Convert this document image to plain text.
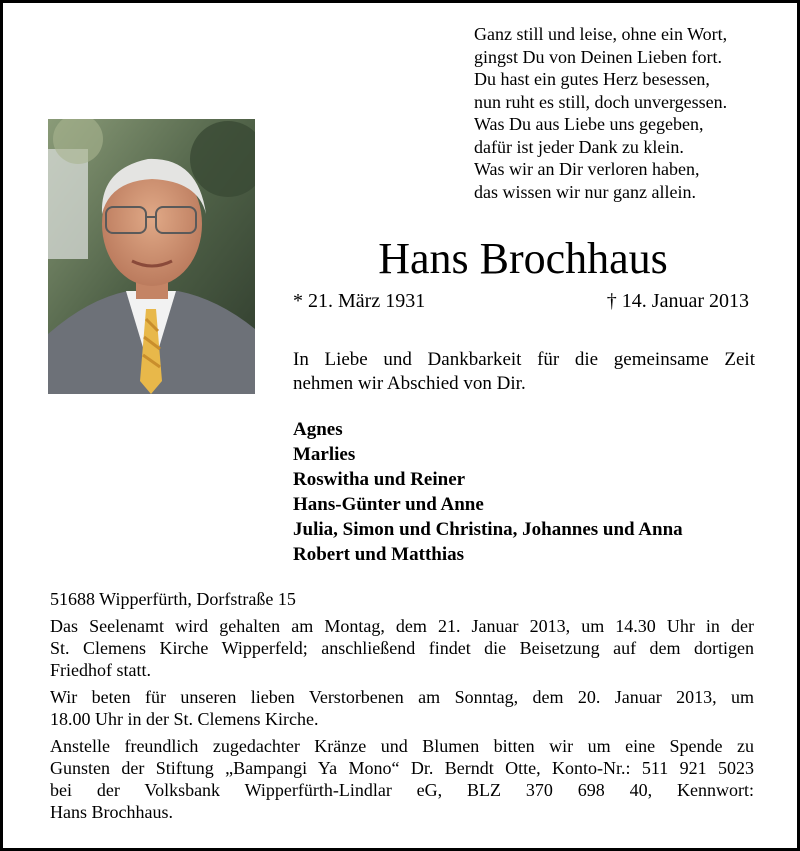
Ganz still und leise, ohne ein Wort,
gingst Du von Deinen Lieben fort.
Du hast ein gutes Herz besessen,
nun ruht es still, doch unvergessen.
Was Du aus Liebe uns gegeben,
dafür ist jeder Dank zu klein.
Was wir an Dir verloren haben,
das wissen wir nur ganz allein.
Hans Brochhaus
* 21. März 1931	† 14. Januar 2013
In Liebe und Dankbarkeit für die gemeinsame Zeit
nehmen wir Abschied von Dir.
Agnes
Marlies
Roswitha und Reiner
Hans-Günter und Anne
Julia, Simon und Christina, Johannes und Anna
Robert und Matthias
51688 Wipperfürth, Dorfstraße 15

Das Seelenamt wird gehalten am Montag, dem 21. Januar 2013, um 14.30 Uhr in der
St. Clemens Kirche Wipperfeld; anschließend findet die Beisetzung auf dem dortigen
Friedhof statt.

Wir beten für unseren lieben Verstorbenen am Sonntag, dem 20. Januar 2013, um
18.00 Uhr in der St. Clemens Kirche.

Anstelle freundlich zugedachter Kränze und Blumen bitten wir um eine Spende zu
Gunsten der Stiftung „Bampangi Ya Mono“ Dr. Berndt Otte, Konto-Nr.: 511 921 5023
bei der Volksbank Wipperfürth-Lindlar eG, BLZ 370 698 40, Kennwort:
Hans Brochhaus.
